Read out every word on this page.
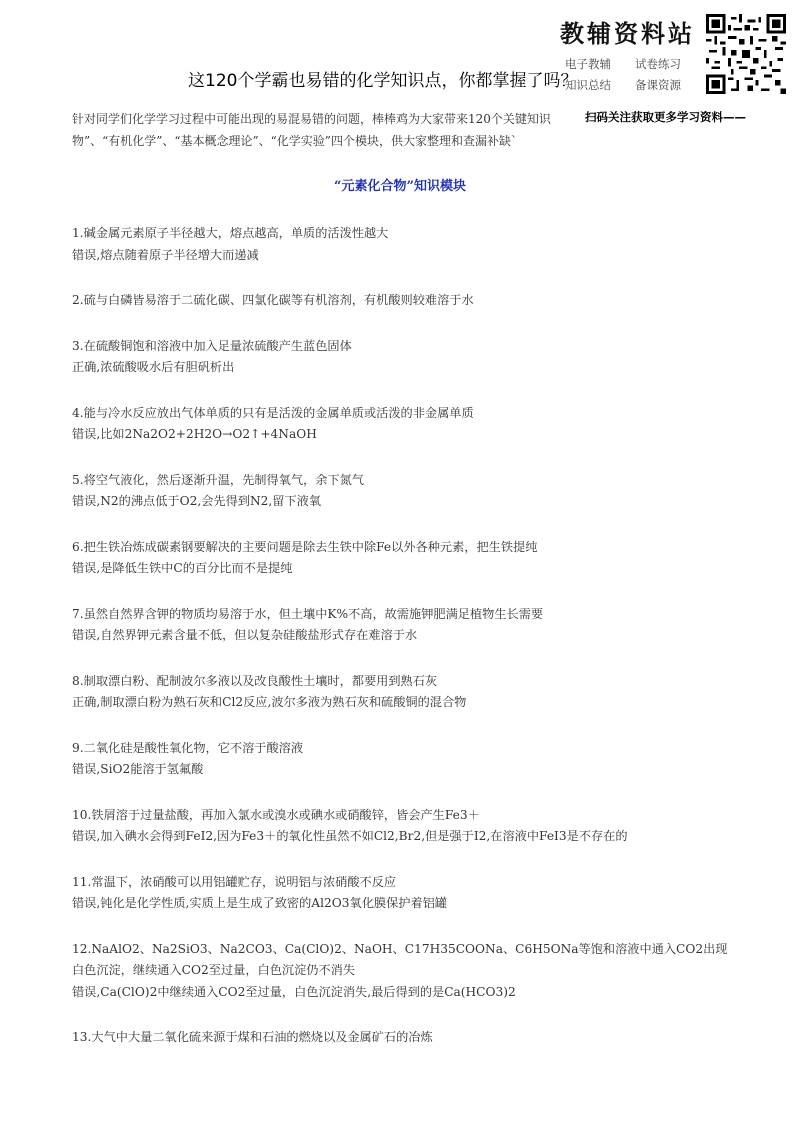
教辅资料站
电子教辅	试卷练习
知识总结	备课资源
这120个学霸也易错的化学知识点，你都掌握了吗？
针对同学们化学学习过程中可能出现的易混易错的问题，棒棒鸡为大家带来120个关键知识	扫码关注获取更多学习资料——
物”、“有机化学”、“基本概念理论”、“化学实验”四个模块，供大家整理和查漏补缺`
“元素化合物”知识模块

1.碱金属元素原子半径越大，熔点越高，单质的活泼性越大

错误,熔点随着原子半径增大而递减

2.硫与白磷皆易溶于二硫化碳、四氯化碳等有机溶剂，有机酸则较难溶于水

3.在硫酸铜饱和溶液中加入足量浓硫酸产生蓝色固体

正确,浓硫酸吸水后有胆矾析出

4.能与冷水反应放出气体单质的只有是活泼的金属单质或活泼的非金属单质

错误,比如2Na2O2+2H2O→O2↑+4NaOH

5.将空气液化，然后逐渐升温，先制得氧气，余下氮气

错误,N2的沸点低于O2,会先得到N2,留下液氧

6.把生铁冶炼成碳素钢要解决的主要问题是除去生铁中除Fe以外各种元素，把生铁提纯

错误,是降低生铁中C的百分比而不是提纯

7.虽然自然界含钾的物质均易溶于水，但土壤中K%不高，故需施钾肥满足植物生长需要

错误,自然界钾元素含量不低，但以复杂硅酸盐形式存在难溶于水

8.制取漂白粉、配制波尔多液以及改良酸性土壤时，都要用到熟石灰

正确,制取漂白粉为熟石灰和Cl2反应,波尔多液为熟石灰和硫酸铜的混合物

9.二氧化硅是酸性氧化物，它不溶于酸溶液

错误,SiO2能溶于氢氟酸

10.铁屑溶于过量盐酸，再加入氯水或溴水或碘水或硝酸锌，皆会产生Fe3＋

错误,加入碘水会得到FeI2,因为Fe3＋的氧化性虽然不如Cl2,Br2,但是强于I2,在溶液中FeI3是不存在的

11.常温下，浓硝酸可以用铝罐贮存，说明铝与浓硝酸不反应

错误,钝化是化学性质,实质上是生成了致密的Al2O3氧化膜保护着铝罐

12.NaAlO2、Na2SiO3、Na2CO3、Ca(ClO)2、NaOH、C17H35COONa、C6H5ONa等饱和溶液中通入CO2出现白色沉淀，继续通入CO2至过量，白色沉淀仍不消失

错误,Ca(ClO)2中继续通入CO2至过量，白色沉淀消失,最后得到的是Ca(HCO3)2

13.大气中大量二氧化硫来源于煤和石油的燃烧以及金属矿石的冶炼
